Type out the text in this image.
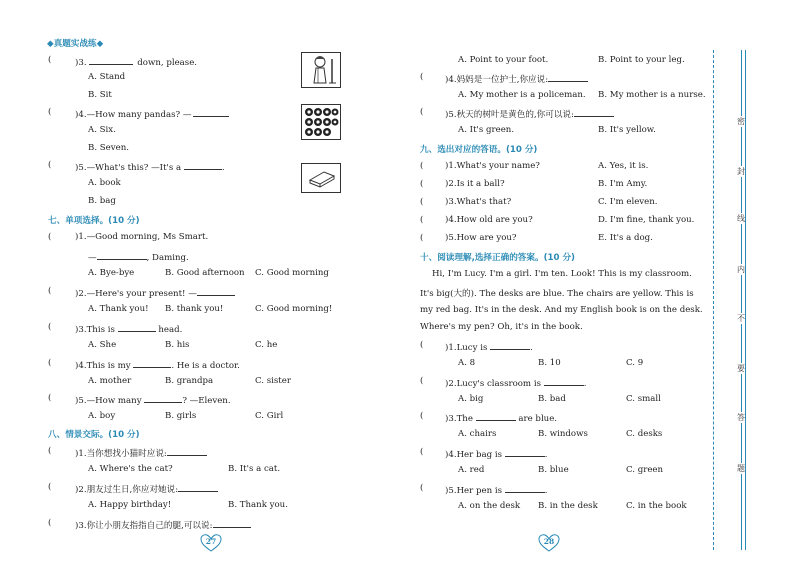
◆真题实战练◆
(	)3.	down, please.
A. Stand
B. Sit
(	)4.—How many pandas? —
A. Six.
B. Seven.
(	)5.—What's this? —It's a	.
A. book
B. bag
七、单项选择。(10 分)
(	)1.—Good morning, Ms Smart.
—	, Daming.
A. Bye-bye	B. Good afternoon C. Good morning
(	)2.—Here's your present! —
A. Thank you! B. thank you!	C. Good morning!
(	)3.This is	head.
A. She	B. his	C. he
(	)4.This is my	. He is a doctor.
A. mother	B. grandpa	C. sister
(	)5.—How many	? —Eleven.
A. boy	B. girls	C. Girl
八、情景交际。(10 分)
(	)1.当你想找小猫时应说:
A. Where's the cat?	B. It's a cat.
(	)2.朋友过生日,你应对她说:
A. Happy birthday!	B. Thank you.
(	)3.你让小朋友指指自己的腿,可以说:
27
A. Point to your foot.	B. Point to your leg.
(	)4.妈妈是一位护士,你应说:
A. My mother is a policeman. B. My mother is a nurse.
(	)5.秋天的树叶是黄色的,你可以说:
A. It's green.	B. It's yellow.
九、选出对应的答语。(10 分)
(	)1.What's your name?	A. Yes, it is.
(	)2.Is it a ball?	B. I'm Amy.
(	)3.What's that?	C. I'm eleven.
(	)4.How old are you?	D. I'm fine, thank you.
(	)5.How are you?	E. It's a dog.
十、阅读理解,选择正确的答案。(10 分)
Hi, I'm Lucy. I'm a girl. I'm ten. Look! This is my classroom.
It's big(大的). The desks are blue. The chairs are yellow. This is
my red bag. It's in the desk. And my English book is on the desk.
Where's my pen? Oh, it's in the book.
(	)1.Lucy is	.
A. 8	B. 10	C. 9
(	)2.Lucy's classroom is	.
A. big	B. bad	C. small
(	)3.The	are blue.
A. chairs	B. windows	C. desks
(	)4.Her bag is	.
A. red	B. blue	C. green
(	)5.Her pen is	.
A. on the desk B. in the desk	C. in the book
28
密
封
线
内
不
要
答
题
